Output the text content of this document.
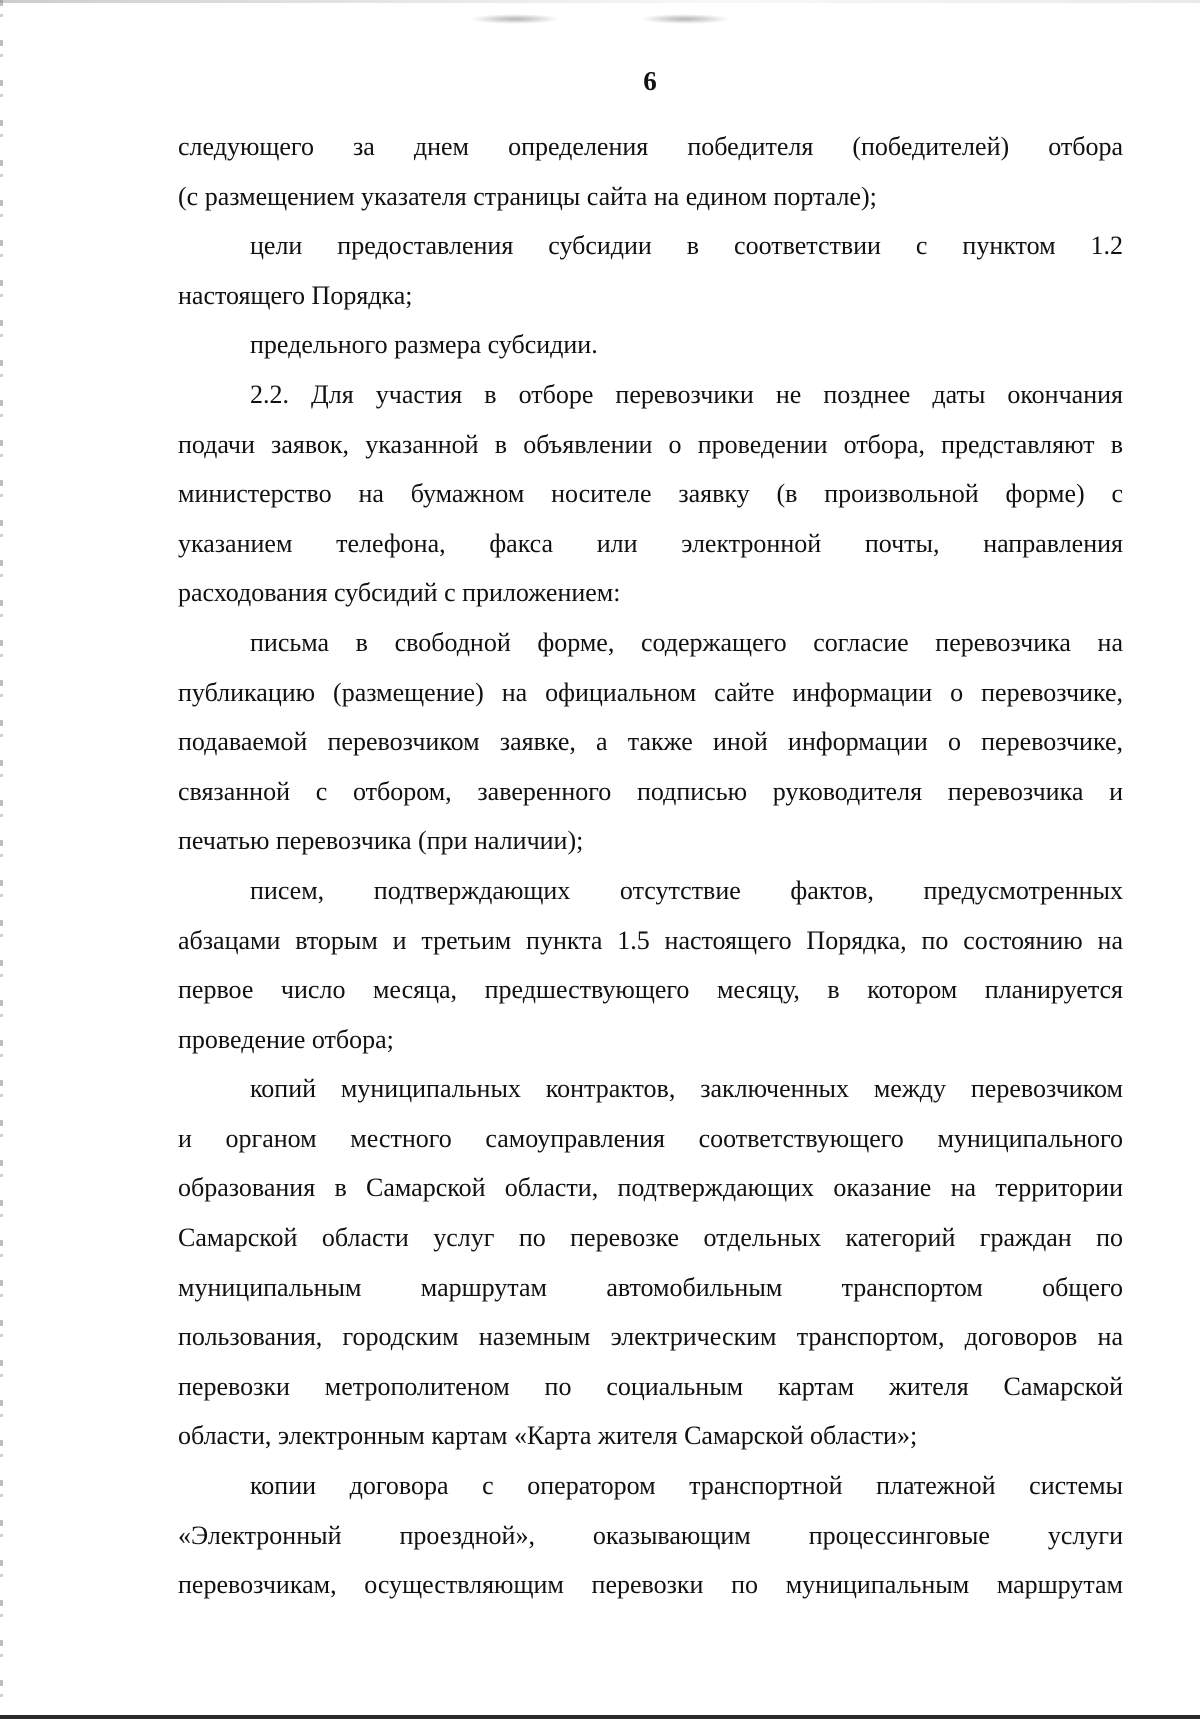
6

следующего за днем определения победителя (победителей) отбора

(с размещением указателя страницы сайта на едином портале);

цели предоставления субсидии в соответствии с пунктом 1.2

настоящего Порядка;

предельного размера субсидии.

2.2. Для участия в отборе перевозчики не позднее даты окончания

подачи заявок, указанной в объявлении о проведении отбора, представляют в

министерство на бумажном носителе заявку (в произвольной форме) с

указанием телефона, факса или электронной почты, направления

расходования субсидий с приложением:

письма в свободной форме, содержащего согласие перевозчика на

публикацию (размещение) на официальном сайте информации о перевозчике,

подаваемой перевозчиком заявке, а также иной информации о перевозчике,

связанной с отбором, заверенного подписью руководителя перевозчика и

печатью перевозчика (при наличии);

писем, подтверждающих отсутствие фактов, предусмотренных

абзацами вторым и третьим пункта 1.5 настоящего Порядка, по состоянию на

первое число месяца, предшествующего месяцу, в котором планируется

проведение отбора;

копий муниципальных контрактов, заключенных между перевозчиком

и органом местного самоуправления соответствующего муниципального

образования в Самарской области, подтверждающих оказание на территории

Самарской области услуг по перевозке отдельных категорий граждан по

муниципальным маршрутам автомобильным транспортом общего

пользования, городским наземным электрическим транспортом, договоров на

перевозки метрополитеном по социальным картам жителя Самарской

области, электронным картам «Карта жителя Самарской области»;

копии договора с оператором транспортной платежной системы

«Электронный проездной», оказывающим процессинговые услуги

перевозчикам, осуществляющим перевозки по муниципальным маршрутам
